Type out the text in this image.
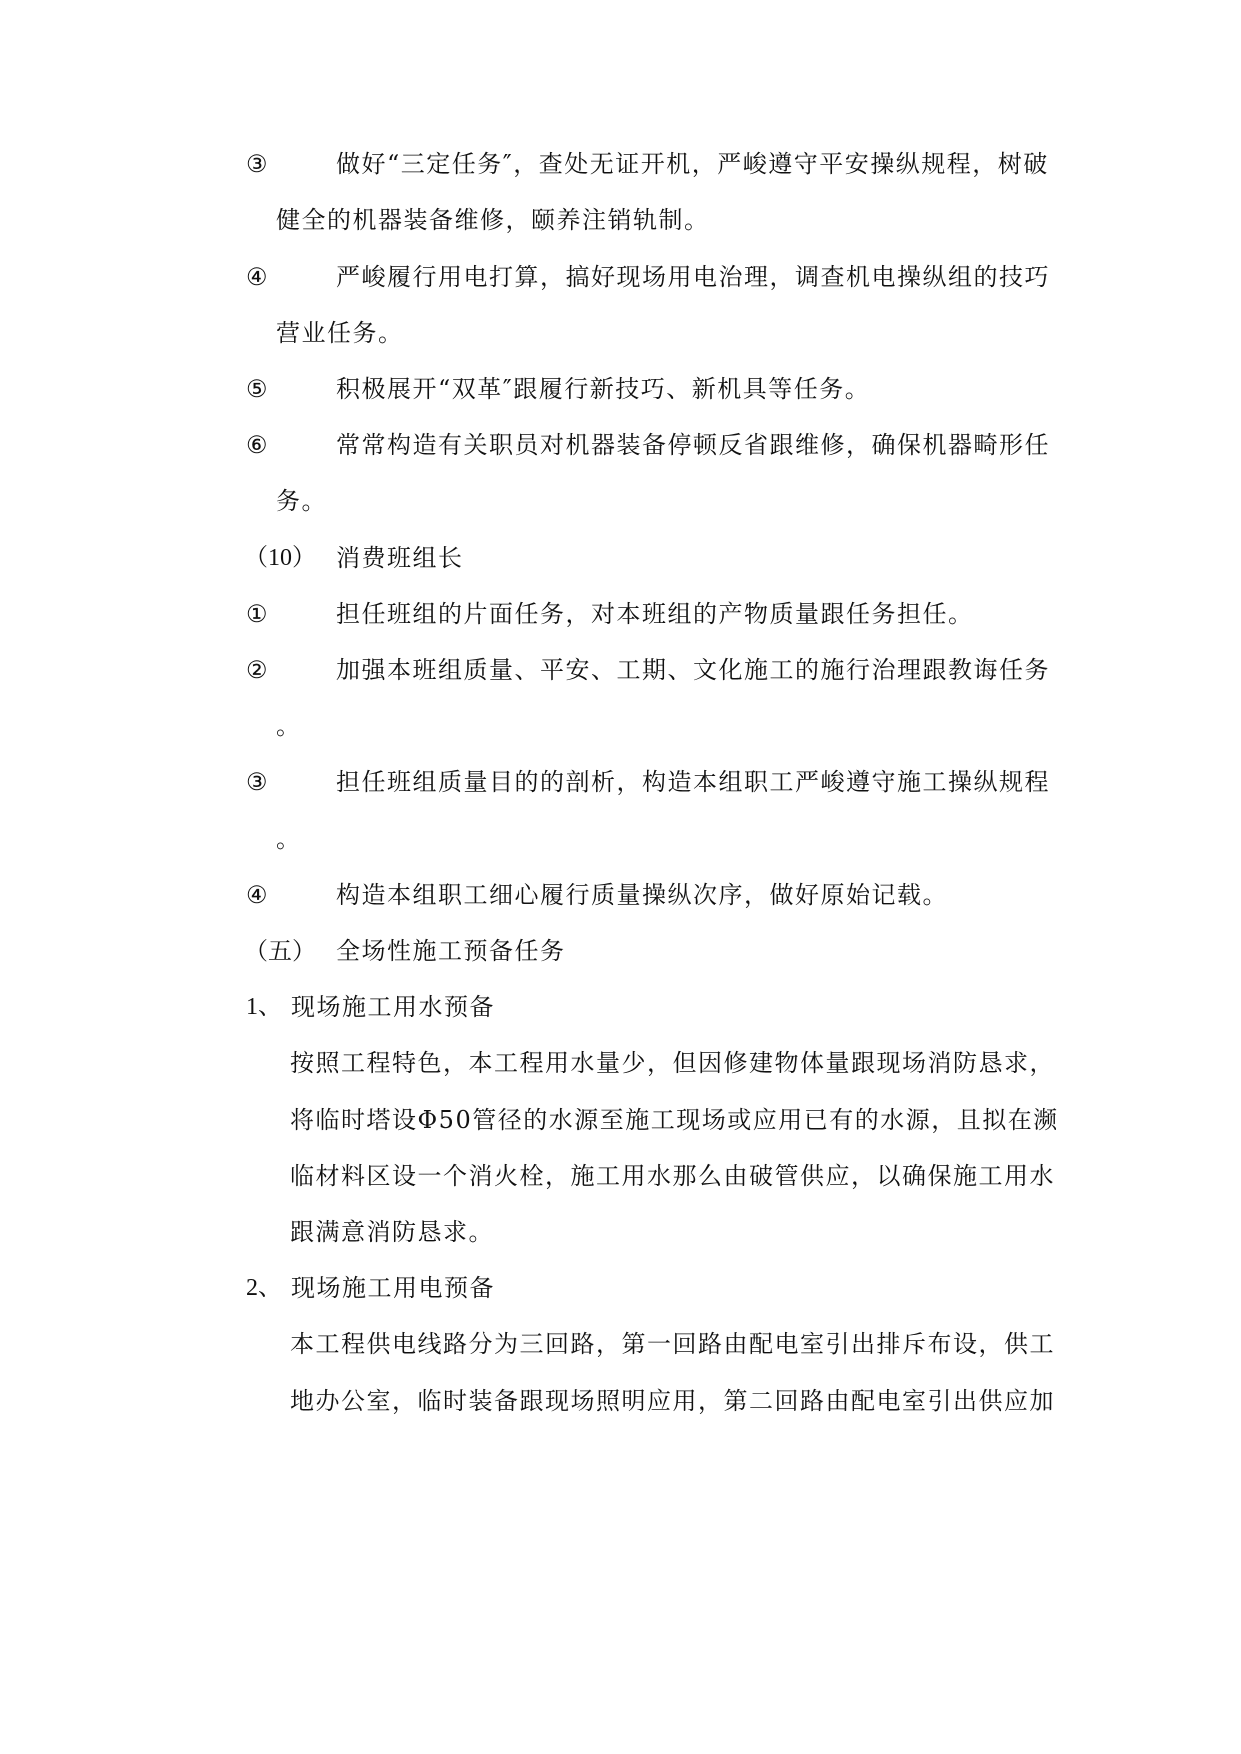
③	做好“三定任务″，查处无证开机，严峻遵守平安操纵规程，树破
健全的机器装备维修，颐养注销轨制。
④	严峻履行用电打算，搞好现场用电治理，调查机电操纵组的技巧
营业任务。
⑤	积极展开“双革″跟履行新技巧、新机具等任务。
⑥	常常构造有关职员对机器装备停顿反省跟维修，确保机器畸形任
务。
（10） 消费班组长
①	担任班组的片面任务，对本班组的产物质量跟任务担任。
②	加强本班组质量、平安、工期、文化施工的施行治理跟教诲任务
。
③	担任班组质量目的的剖析，构造本组职工严峻遵守施工操纵规程
。
④	构造本组职工细心履行质量操纵次序，做好原始记载。
（五） 全场性施工预备任务
1、 现场施工用水预备
按照工程特色，本工程用水量少，但因修建物体量跟现场消防恳求，
将临时塔设Φ50管径的水源至施工现场或应用已有的水源，且拟在濒
临材料区设一个消火栓，施工用水那么由破管供应，以确保施工用水
跟满意消防恳求。
2、 现场施工用电预备
本工程供电线路分为三回路，第一回路由配电室引出排斥布设，供工
地办公室，临时装备跟现场照明应用，第二回路由配电室引出供应加
